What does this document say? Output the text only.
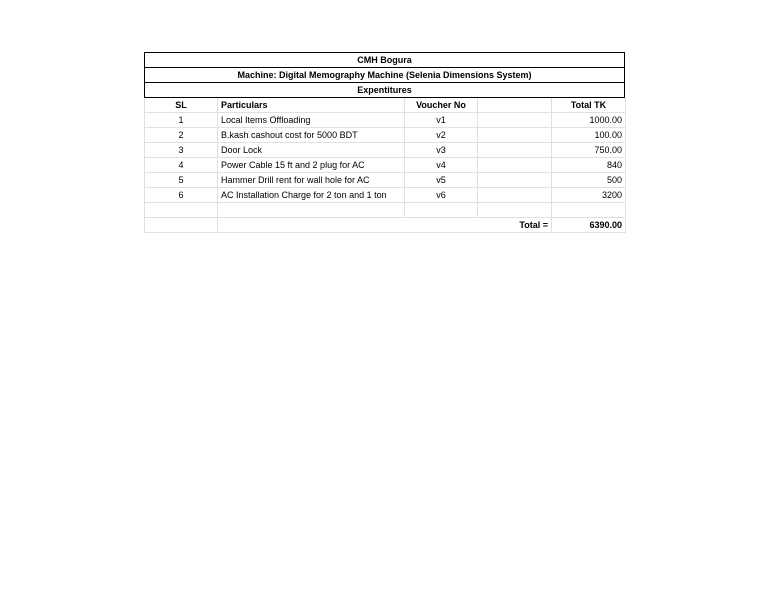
CMH Bogura
Machine: Digital Memography Machine (Selenia Dimensions System)
Expentitures
SL	Particulars	Voucher No		Total TK
1	Local Items Offloading	v1		1000.00
2	B.kash cashout cost for 5000 BDT	v2		100.00
3	Door Lock	v3		750.00
4	Power Cable 15 ft and 2 plug for AC	v4		840
5	Hammer Drill rent for wall hole for AC	v5		500
6	AC Installation Charge for 2 ton and 1 ton	v6		3200

	Total =			6390.00
